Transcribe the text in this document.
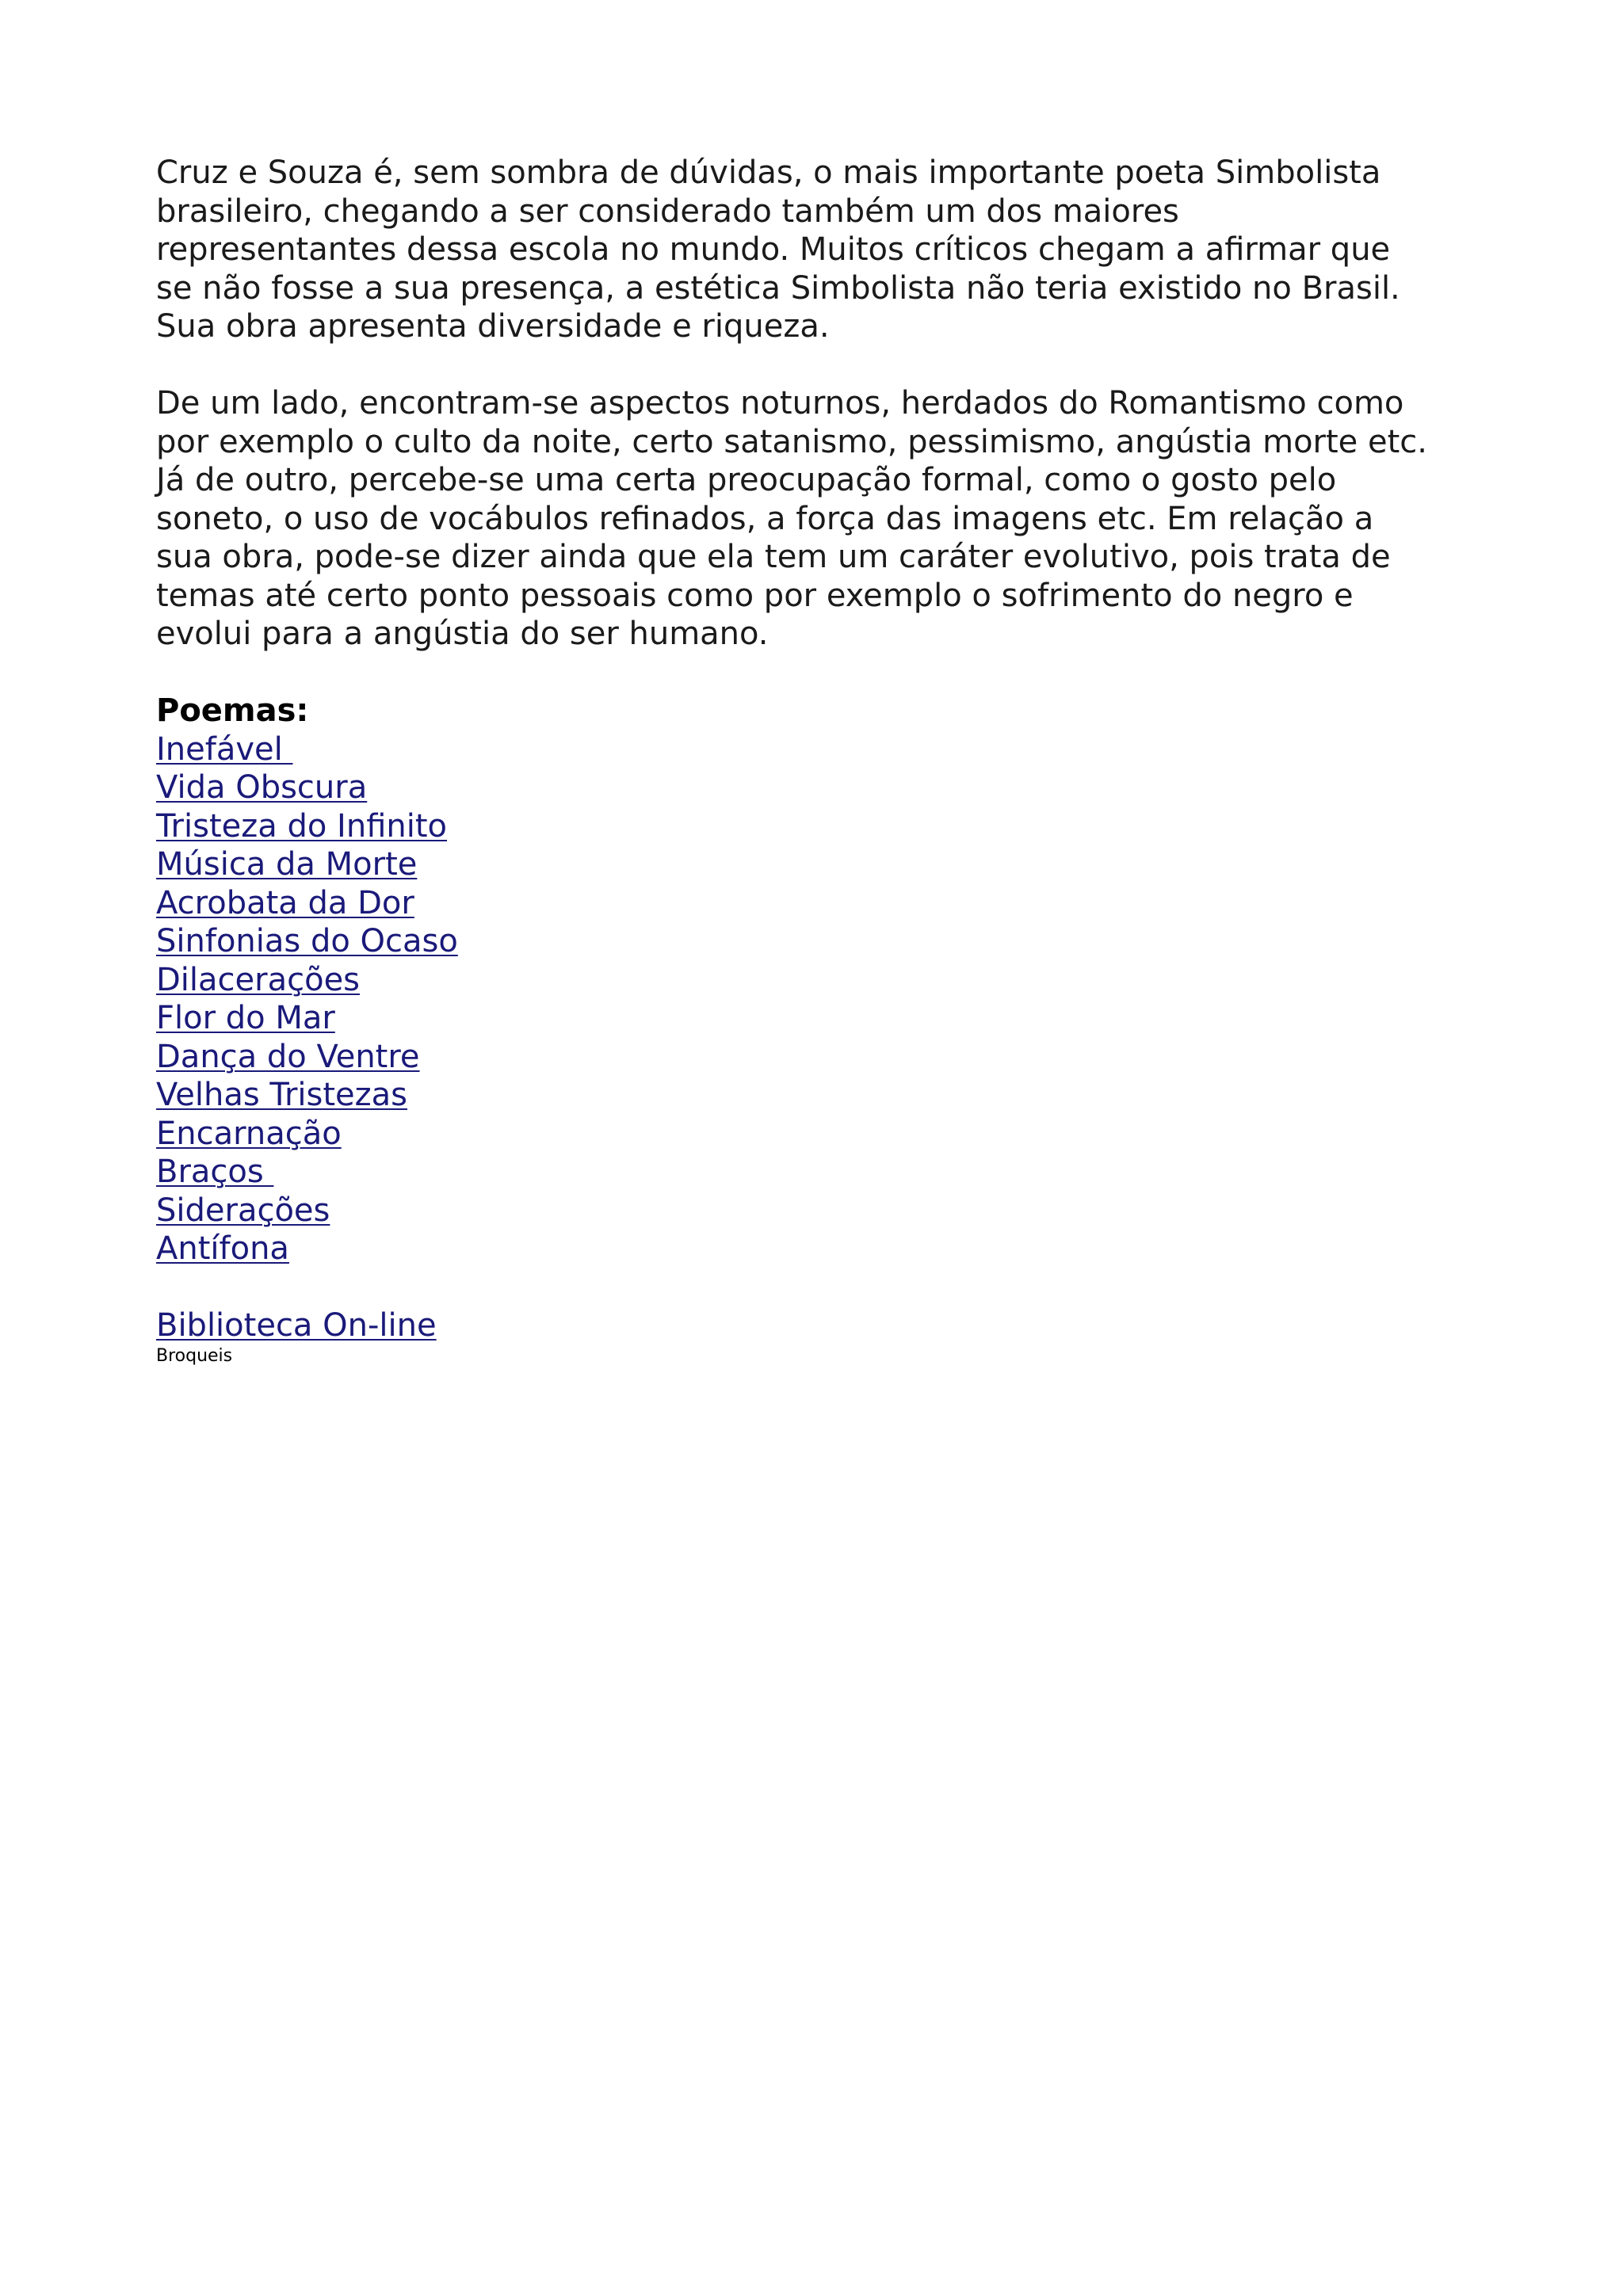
Cruz e Souza é, sem sombra de dúvidas, o mais importante poeta Simbolista
brasileiro, chegando a ser considerado também um dos maiores
representantes dessa escola no mundo. Muitos críticos chegam a afirmar que
se não fosse a sua presença, a estética Simbolista não teria existido no Brasil.
Sua obra apresenta diversidade e riqueza.

De um lado, encontram-se aspectos noturnos, herdados do Romantismo como
por exemplo o culto da noite, certo satanismo, pessimismo, angústia morte etc.
Já de outro, percebe-se uma certa preocupação formal, como o gosto pelo
soneto, o uso de vocábulos refinados, a força das imagens etc. Em relação a
sua obra, pode-se dizer ainda que ela tem um caráter evolutivo, pois trata de
temas até certo ponto pessoais como por exemplo o sofrimento do negro e
evolui para a angústia do ser humano.

Poemas:

Inefável
Vida Obscura
Tristeza do Infinito
Música da Morte
Acrobata da Dor
Sinfonias do Ocaso
Dilacerações
Flor do Mar
Dança do Ventre
Velhas Tristezas
Encarnação
Braços
Siderações
Antífona
Biblioteca On-line

Broqueis
